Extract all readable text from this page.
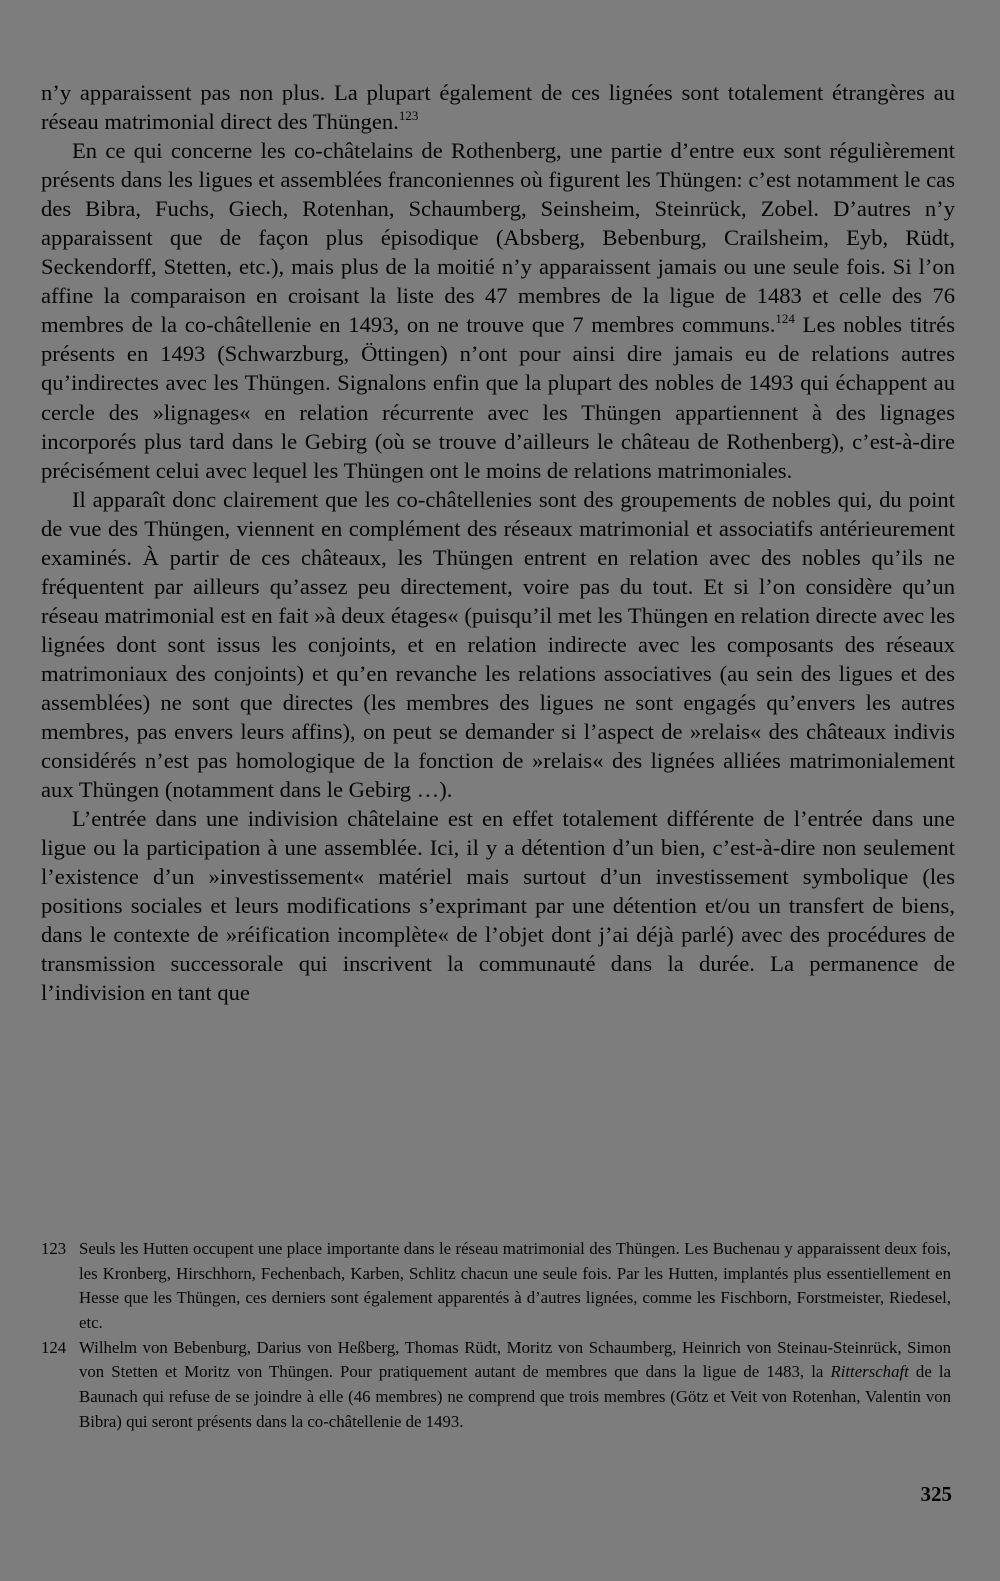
n’y apparaissent pas non plus. La plupart également de ces lignées sont totalement étrangères au réseau matrimonial direct des Thüngen.$^{123}$

En ce qui concerne les co-châtelains de Rothenberg, une partie d’entre eux sont régulièrement présents dans les ligues et assemblées franconiennes où figurent les Thüngen: c’est notamment le cas des Bibra, Fuchs, Giech, Rotenhan, Schaumberg, Seinsheim, Steinrück, Zobel. D’autres n’y apparaissent que de façon plus épisodique (Absberg, Bebenburg, Crailsheim, Eyb, Rüdt, Seckendorff, Stetten, etc.), mais plus de la moitié n’y apparaissent jamais ou une seule fois. Si l’on affine la comparaison en croisant la liste des 47 membres de la ligue de 1483 et celle des 76 membres de la co-châtellenie en 1493, on ne trouve que 7 membres communs.$^{124}$ Les nobles titrés présents en 1493 (Schwarzburg, Öttingen) n’ont pour ainsi dire jamais eu de relations autres qu’indirectes avec les Thüngen. Signalons enfin que la plupart des nobles de 1493 qui échappent au cercle des »lignages« en relation récurrente avec les Thüngen appartiennent à des lignages incorporés plus tard dans le Gebirg (où se trouve d’ailleurs le château de Rothenberg), c’est-à-dire précisément celui avec lequel les Thüngen ont le moins de relations matrimoniales.

Il apparaît donc clairement que les co-châtellenies sont des groupements de nobles qui, du point de vue des Thüngen, viennent en complément des réseaux matrimonial et associatifs antérieurement examinés. À partir de ces châteaux, les Thüngen entrent en relation avec des nobles qu’ils ne fréquentent par ailleurs qu’assez peu directement, voire pas du tout. Et si l’on considère qu’un réseau matrimonial est en fait »à deux étages« (puisqu’il met les Thüngen en relation directe avec les lignées dont sont issus les conjoints, et en relation indirecte avec les composants des réseaux matrimoniaux des conjoints) et qu’en revanche les relations associatives (au sein des ligues et des assemblées) ne sont que directes (les membres des ligues ne sont engagés qu’envers les autres membres, pas envers leurs affins), on peut se demander si l’aspect de »relais« des châteaux indivis considérés n’est pas homologique de la fonction de »relais« des lignées alliées matrimonialement aux Thüngen (notamment dans le Gebirg …).

L’entrée dans une indivision châtelaine est en effet totalement différente de l’entrée dans une ligue ou la participation à une assemblée. Ici, il y a détention d’un bien, c’est-à-dire non seulement l’existence d’un »investissement« matériel mais surtout d’un investissement symbolique (les positions sociales et leurs modifications s’exprimant par une détention et/ou un transfert de biens, dans le contexte de »réification incomplète« de l’objet dont j’ai déjà parlé) avec des procédures de transmission successorale qui inscrivent la communauté dans la durée. La permanence de l’indivision en tant que

123 Seuls les Hutten occupent une place importante dans le réseau matrimonial des Thüngen. Les Buchenau y apparaissent deux fois, les Kronberg, Hirschhorn, Fechenbach, Karben, Schlitz chacun une seule fois. Par les Hutten, implantés plus essentiellement en Hesse que les Thüngen, ces derniers sont également apparentés à d’autres lignées, comme les Fischborn, Forstmeister, Riedesel, etc.
124 Wilhelm von Bebenburg, Darius von Heßberg, Thomas Rüdt, Moritz von Schaumberg, Heinrich von Steinau-Steinrück, Simon von Stetten et Moritz von Thüngen. Pour pratiquement autant de membres que dans la ligue de 1483, la Ritterschaft de la Baunach qui refuse de se joindre à elle (46 membres) ne comprend que trois membres (Götz et Veit von Rotenhan, Valentin von Bibra) qui seront présents dans la co-châtellenie de 1493.
325
